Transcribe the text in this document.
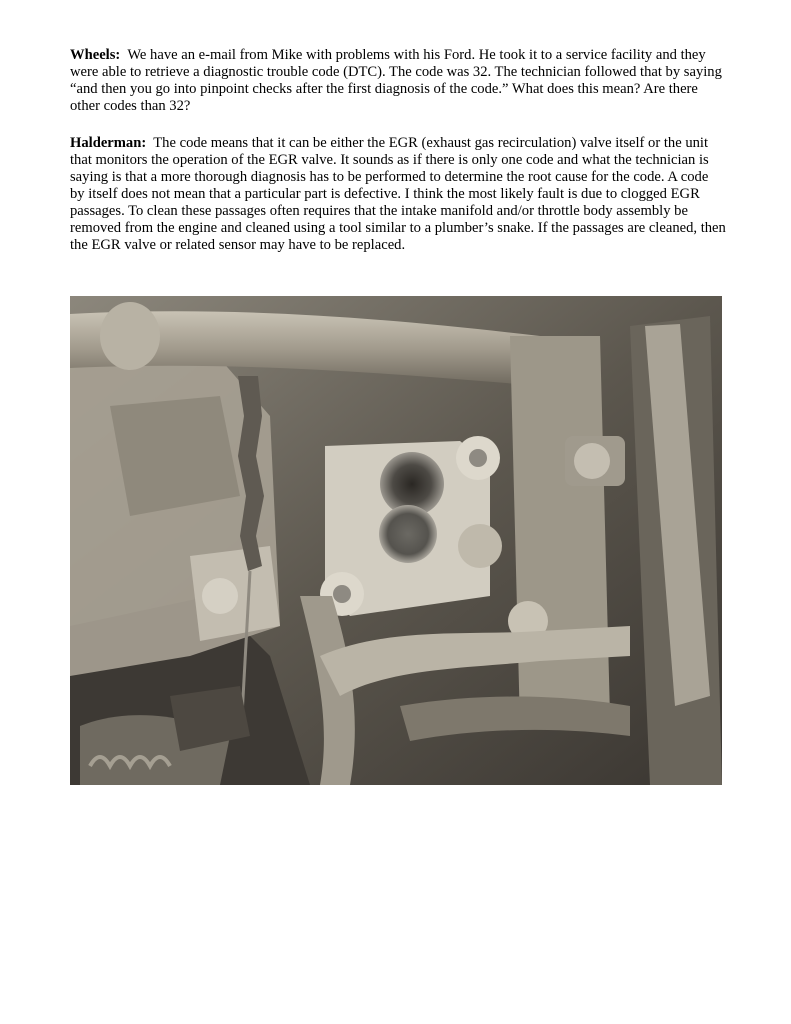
Wheels: We have an e-mail from Mike with problems with his Ford. He took it to a service facility and they were able to retrieve a diagnostic trouble code (DTC). The code was 32. The technician followed that by saying “and then you go into pinpoint checks after the first diagnosis of the code.” What does this mean? Are there other codes than 32?

Halderman: The code means that it can be either the EGR (exhaust gas recirculation) valve itself or the unit that monitors the operation of the EGR valve. It sounds as if there is only one code and what the technician is saying is that a more thorough diagnosis has to be performed to determine the root cause for the code. A code by itself does not mean that a particular part is defective. I think the most likely fault is due to clogged EGR passages. To clean these passages often requires that the intake manifold and/or throttle body assembly be removed from the engine and cleaned using a tool similar to a plumber’s snake. If the passages are cleaned, then the EGR valve or related sensor may have to be replaced.
